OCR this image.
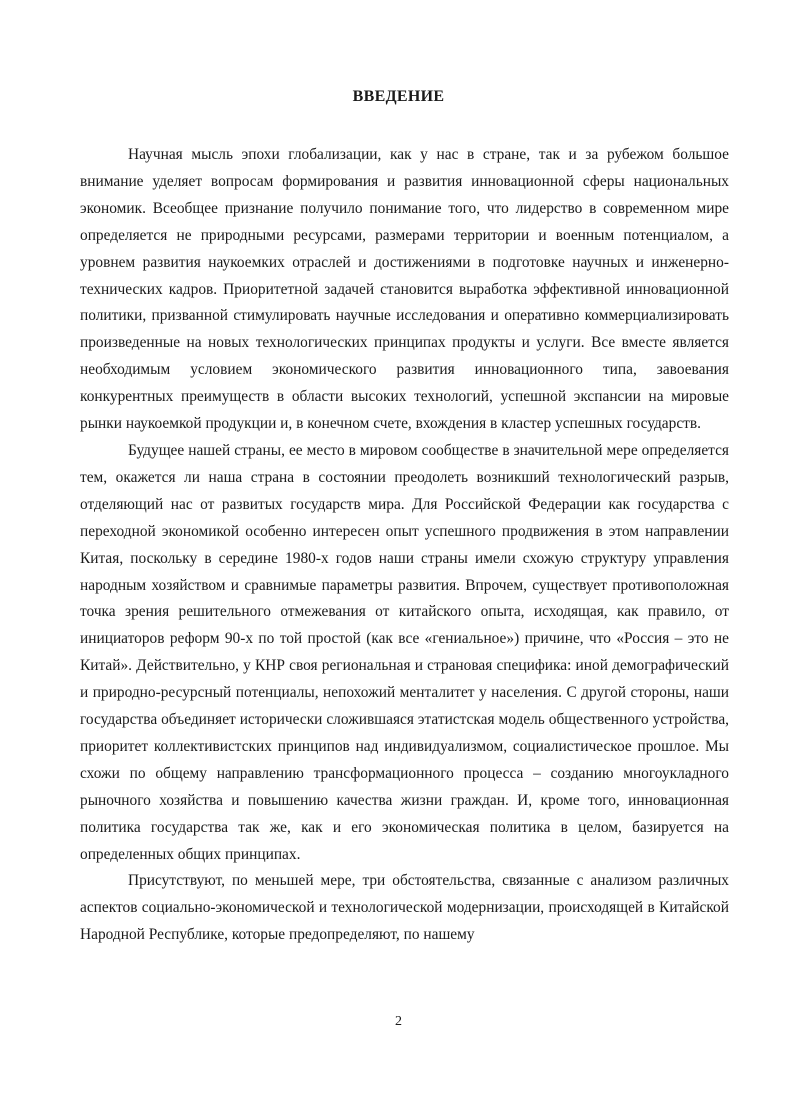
ВВЕДЕНИЕ

Научная мысль эпохи глобализации, как у нас в стране, так и за рубежом большое внимание уделяет вопросам формирования и развития инновационной сферы национальных экономик. Всеобщее признание получило понимание того, что лидерство в современном мире определяется не природными ресурсами, размерами территории и военным потенциалом, а уровнем развития наукоемких отраслей и достижениями в подготовке научных и инженерно-технических кадров. Приоритетной задачей становится выработка эффективной инновационной политики, призванной стимулировать научные исследования и оперативно коммерциализировать произведенные на новых технологических принципах продукты и услуги. Все вместе является необходимым условием экономического развития инновационного типа, завоевания конкурентных преимуществ в области высоких технологий, успешной экспансии на мировые рынки наукоемкой продукции и, в конечном счете, вхождения в кластер успешных государств.

Будущее нашей страны, ее место в мировом сообществе в значительной мере определяется тем, окажется ли наша страна в состоянии преодолеть возникший технологический разрыв, отделяющий нас от развитых государств мира. Для Российской Федерации как государства с переходной экономикой особенно интересен опыт успешного продвижения в этом направлении Китая, поскольку в середине 1980-х годов наши страны имели схожую структуру управления народным хозяйством и сравнимые параметры развития. Впрочем, существует противоположная точка зрения решительного отмежевания от китайского опыта, исходящая, как правило, от инициаторов реформ 90-х по той простой (как все «гениальное») причине, что «Россия – это не Китай». Действительно, у КНР своя региональная и страновая специфика: иной демографический и природно-ресурсный потенциалы, непохожий менталитет у населения. С другой стороны, наши государства объединяет исторически сложившаяся этатистская модель общественного устройства, приоритет коллективистских принципов над индивидуализмом, социалистическое прошлое. Мы схожи по общему направлению трансформационного процесса – созданию многоукладного рыночного хозяйства и повышению качества жизни граждан. И, кроме того, инновационная политика государства так же, как и его экономическая политика в целом, базируется на определенных общих принципах.

Присутствуют, по меньшей мере, три обстоятельства, связанные с анализом различных аспектов социально-экономической и технологической модернизации, происходящей в Китайской Народной Республике, которые предопределяют, по нашему

2
